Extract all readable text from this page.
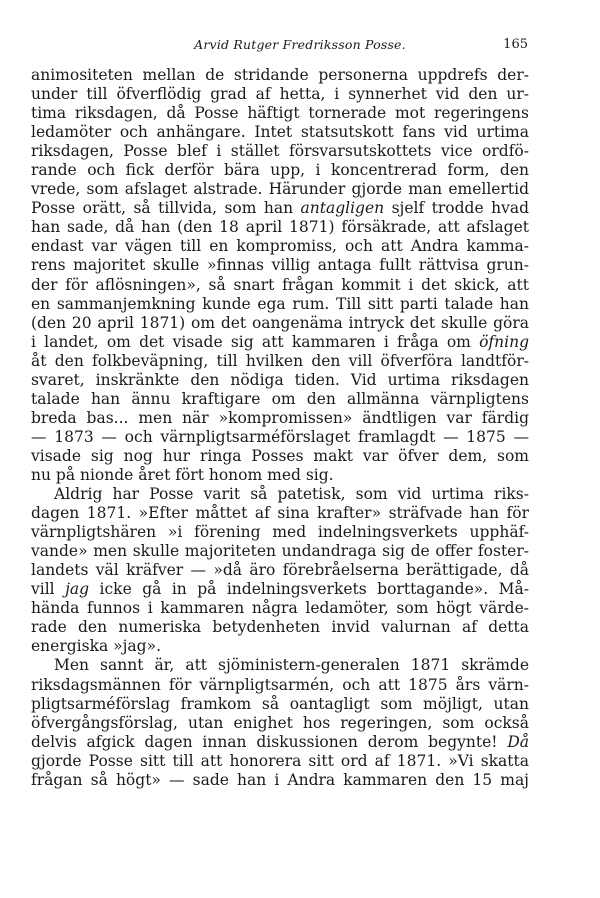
Arvid Rutger Fredriksson Posse.	165
animositeten mellan de stridande personerna uppdrefs der-
under till öfverflödig grad af hetta, i synnerhet vid den ur-
tima riksdagen, då Posse häftigt tornerade mot regeringens
ledamöter och anhängare. Intet statsutskott fans vid urtima
riksdagen, Posse blef i stället försvarsutskottets vice ordfö-
rande och fick derför bära upp, i koncentrerad form, den
vrede, som afslaget alstrade. Härunder gjorde man emellertid
Posse orätt, så tillvida, som han antagligen sjelf trodde hvad
han sade, då han (den 18 april 1871) försäkrade, att afslaget
endast var vägen till en kompromiss, och att Andra kamma-
rens majoritet skulle »finnas villig antaga fullt rättvisa grun-
der för aflösningen», så snart frågan kommit i det skick, att
en sammanjemkning kunde ega rum. Till sitt parti talade han
(den 20 april 1871) om det oangenäma intryck det skulle göra
i landet, om det visade sig att kammaren i fråga om öfning
åt den folkbeväpning, till hvilken den vill öfverföra landtför-
svaret, inskränkte den nödiga tiden. Vid urtima riksdagen
talade han ännu kraftigare om den allmänna värnpligtens
breda bas... men när »kompromissen» ändtligen var färdig
— 1873 — och värnpligtsarméförslaget framlagdt — 1875 —
visade sig nog hur ringa Posses makt var öfver dem, som
nu på nionde året fört honom med sig.
Aldrig har Posse varit så patetisk, som vid urtima riks-
dagen 1871. »Efter måttet af sina krafter» sträfvade han för
värnpligtshären »i förening med indelningsverkets upphäf-
vande» men skulle majoriteten undandraga sig de offer foster-
landets väl kräfver — »då äro förebråelserna berättigade, då
vill jag icke gå in på indelningsverkets borttagande». Må-
hända funnos i kammaren några ledamöter, som högt värde-
rade den numeriska betydenheten invid valurnan af detta
energiska »jag».
Men sannt är, att sjöministern-generalen 1871 skrämde
riksdagsmännen för värnpligtsarmén, och att 1875 års värn-
pligtsarméförslag framkom så oantagligt som möjligt, utan
öfvergångsförslag, utan enighet hos regeringen, som också
delvis afgick dagen innan diskussionen derom begynte! Då
gjorde Posse sitt till att honorera sitt ord af 1871. »Vi skatta
frågan så högt» — sade han i Andra kammaren den 15 maj
